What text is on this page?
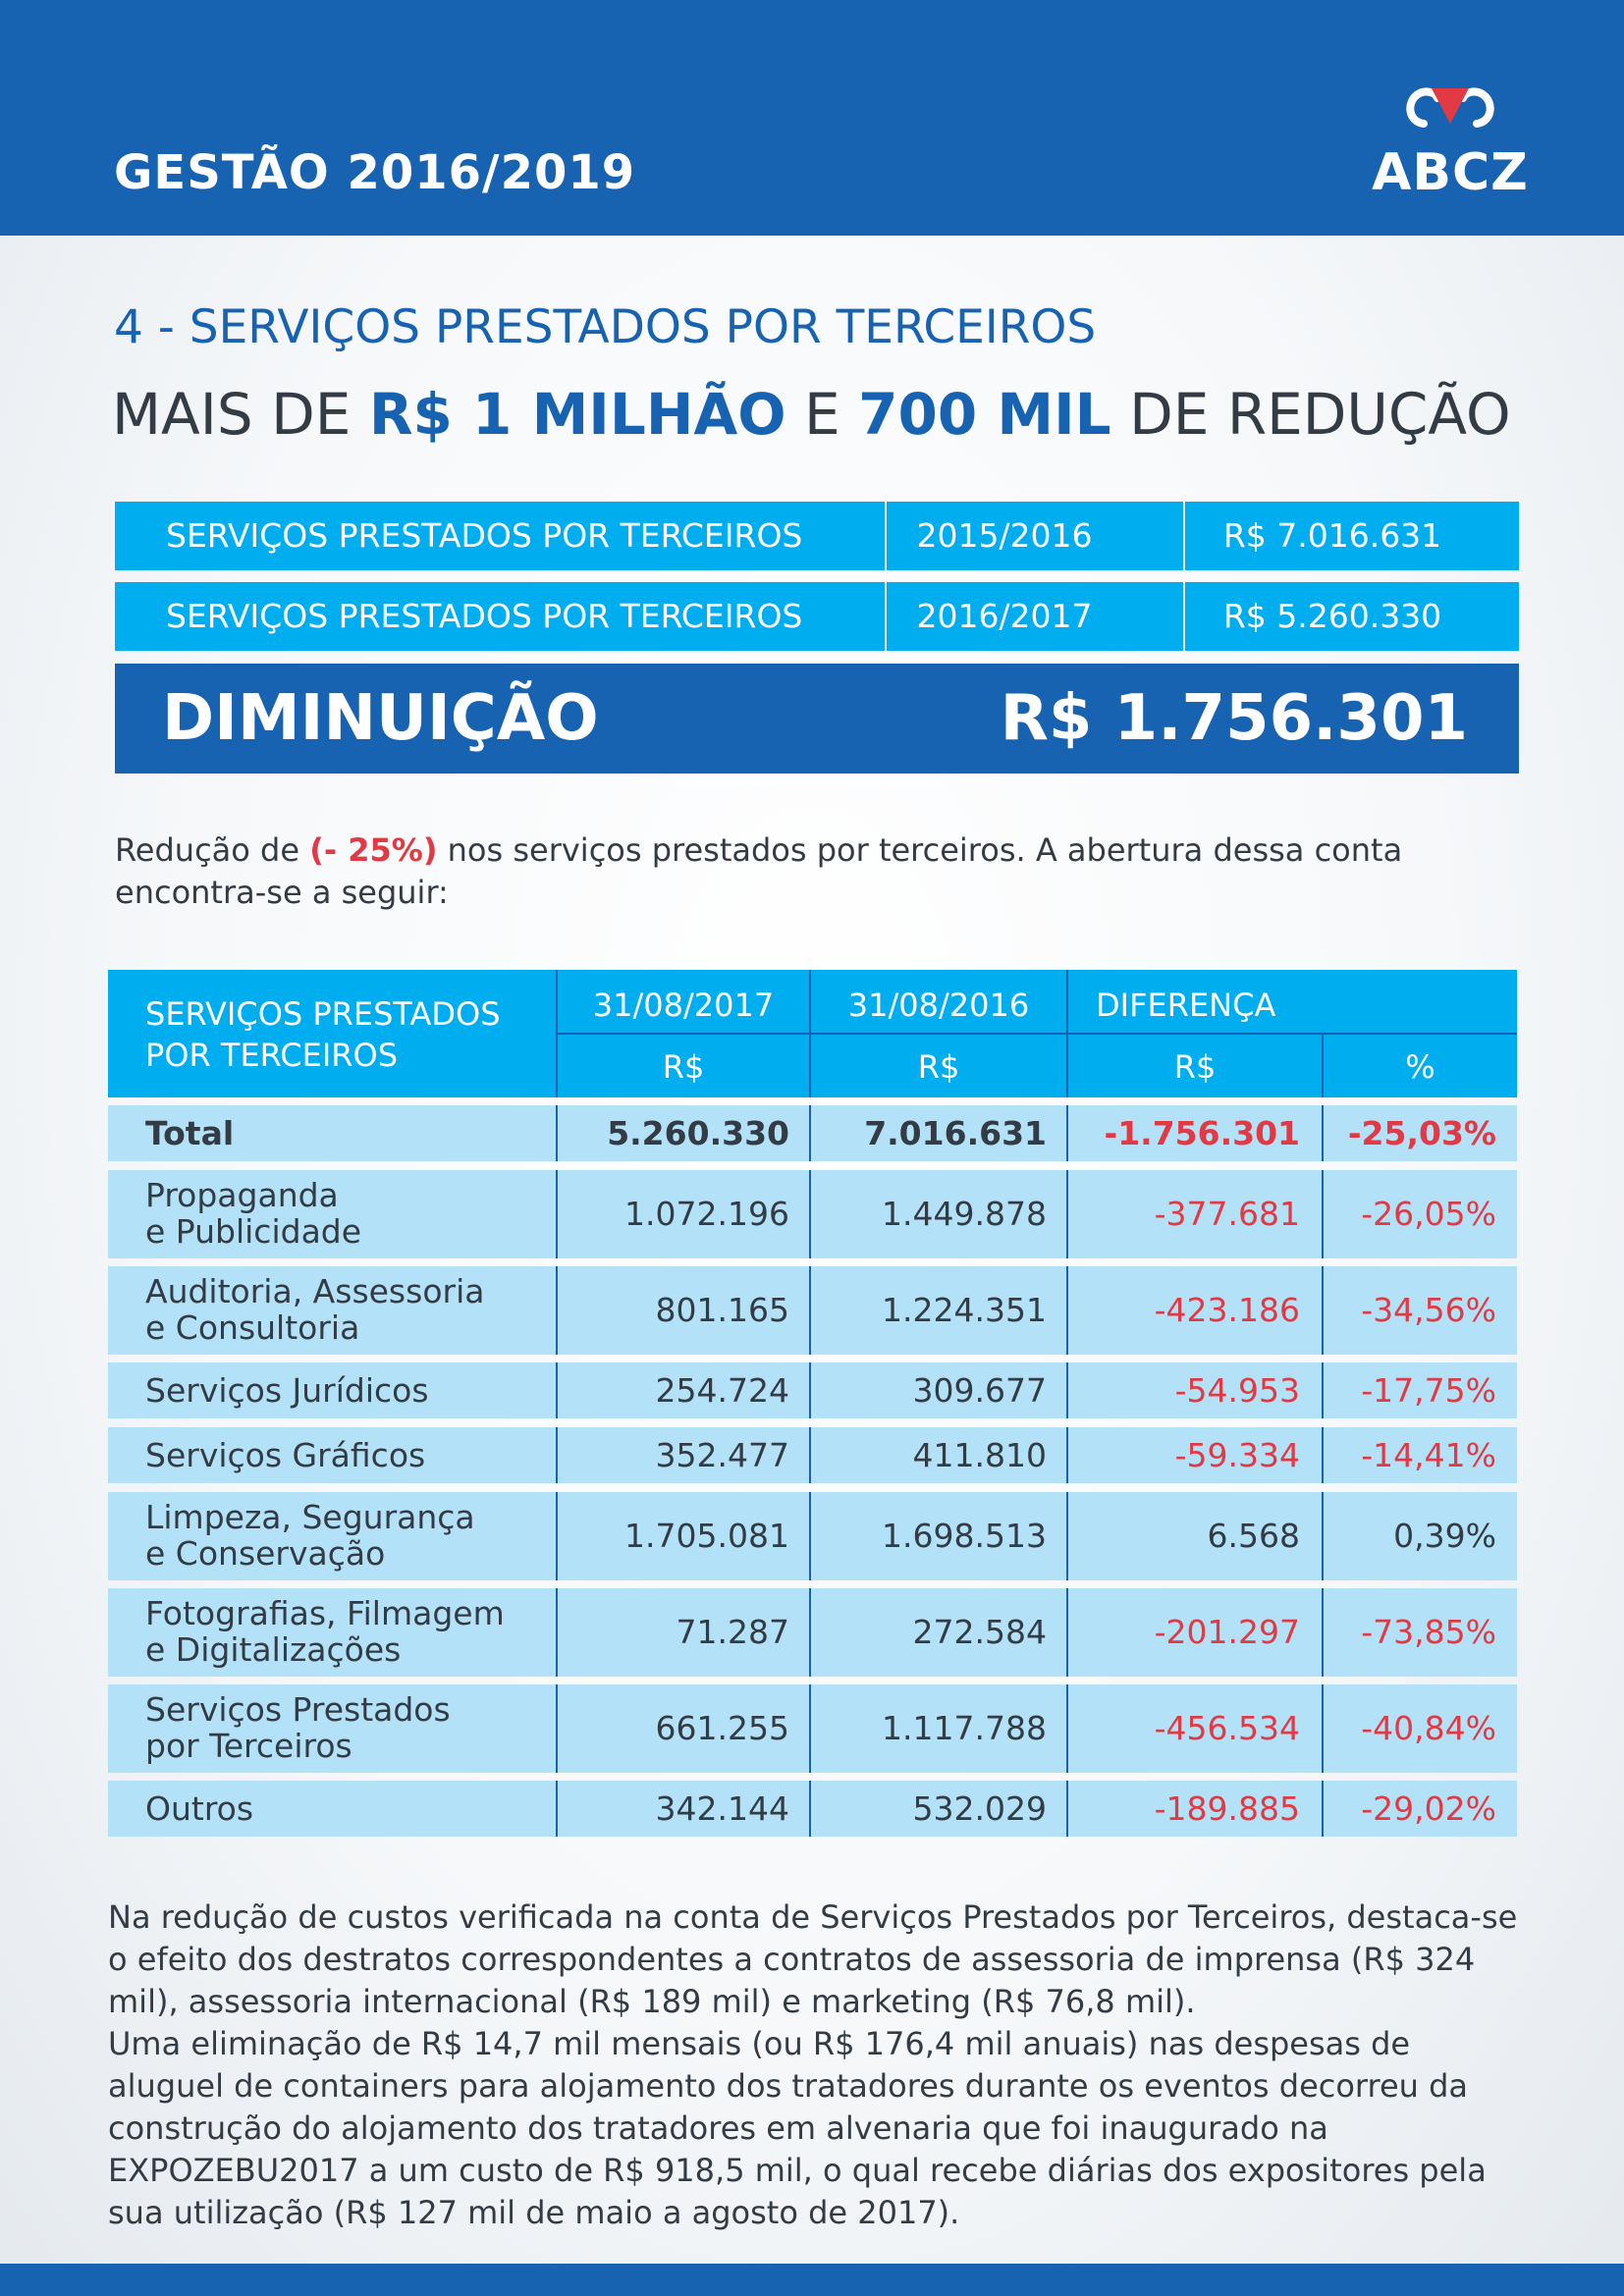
GESTÃO 2016/2019	ABCZ
4 - SERVIÇOS PRESTADOS POR TERCEIROS

MAIS DE R$ 1 MILHÃO E 700 MIL DE REDUÇÃO

SERVIÇOS PRESTADOS POR TERCEIROS	2015/2016	R$ 7.016.631
SERVIÇOS PRESTADOS POR TERCEIROS	2016/2017	R$ 5.260.330
DIMINUIÇÃO	R$ 1.756.301

Redução de (- 25%) nos serviços prestados por terceiros. A abertura dessa conta encontra-se a seguir:

SERVIÇOS PRESTADOS
POR TERCEIROS
31/08/2017	31/08/2016	DIFERENÇA
R$	R$	R$	%
Total	5.260.330	7.016.631	-1.756.301	-25,03%
Propaganda
e Publicidade	1.072.196	1.449.878	-377.681	-26,05%
Auditoria, Assessoria
e Consultoria	801.165	1.224.351	-423.186	-34,56%
Serviços Jurídicos	254.724	309.677	-54.953	-17,75%
Serviços Gráficos	352.477	411.810	-59.334	-14,41%
Limpeza, Segurança
e Conservação	1.705.081	1.698.513	6.568	0,39%
Fotografias, Filmagem
e Digitalizações	71.287	272.584	-201.297	-73,85%
Serviços Prestados
por Terceiros	661.255	1.117.788	-456.534	-40,84%
Outros	342.144	532.029	-189.885	-29,02%

Na redução de custos verificada na conta de Serviços Prestados por Terceiros, destaca-se o efeito dos destratos correspondentes a contratos de assessoria de imprensa (R$ 324 mil), assessoria internacional (R$ 189 mil) e marketing (R$ 76,8 mil).

Uma eliminação de R$ 14,7 mil mensais (ou R$ 176,4 mil anuais) nas despesas de aluguel de containers para alojamento dos tratadores durante os eventos decorreu da construção do alojamento dos tratadores em alvenaria que foi inaugurado na EXPOZEBU2017 a um custo de R$ 918,5 mil, o qual recebe diárias dos expositores pela sua utilização (R$ 127 mil de maio a agosto de 2017).
